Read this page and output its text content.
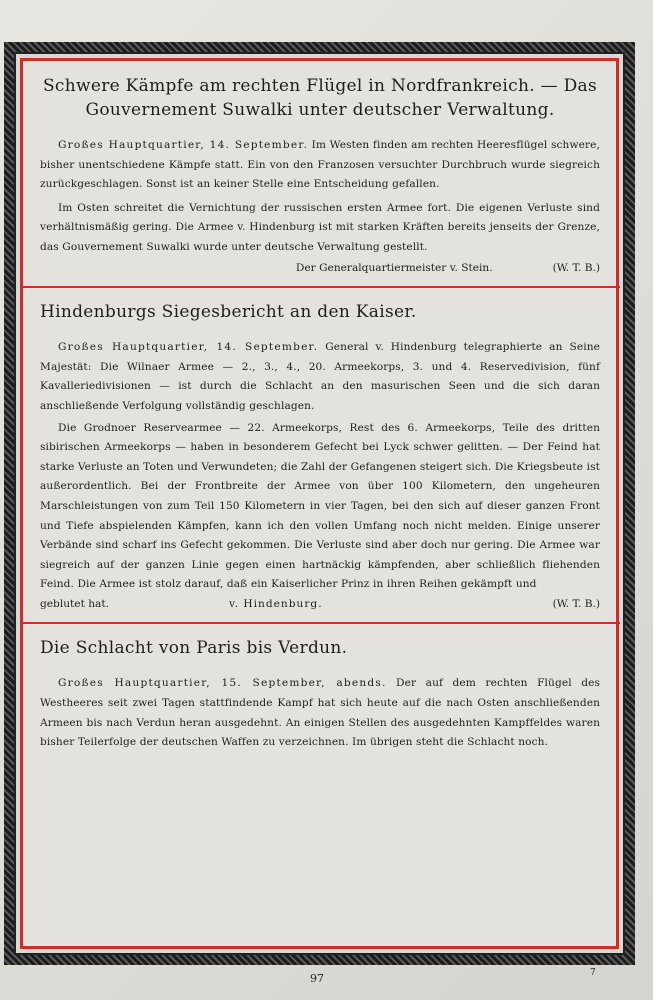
Schwere Kämpfe am rechten Flügel in Nordfrankreich. — Das Gouvernement Suwalki unter deutscher Verwaltung.

Großes Hauptquartier, 14. September. Im Westen finden am rechten Heeresflügel schwere, bisher unentschiedene Kämpfe statt. Ein von den Franzosen versuchter Durchbruch wurde siegreich zurückgeschlagen. Sonst ist an keiner Stelle eine Entscheidung gefallen.

Im Osten schreitet die Vernichtung der russischen ersten Armee fort. Die eigenen Verluste sind verhältnismäßig gering. Die Armee v. Hindenburg ist mit starken Kräften bereits jenseits der Grenze, das Gouvernement Suwalki wurde unter deutsche Verwaltung gestellt.

Der Generalquartiermeister v. Stein.	(W. T. B.)
Hindenburgs Siegesbericht an den Kaiser.

Großes Hauptquartier, 14. September. General v. Hindenburg telegraphierte an Seine Majestät: Die Wilnaer Armee — 2., 3., 4., 20. Armeekorps, 3. und 4. Reservedivision, fünf Kavalleriedivisionen — ist durch die Schlacht an den masurischen Seen und die sich daran anschließende Verfolgung vollständig geschlagen.

Die Grodnoer Reservearmee — 22. Armeekorps, Rest des 6. Armeekorps, Teile des dritten sibirischen Armeekorps — haben in besonderem Gefecht bei Lyck schwer gelitten. — Der Feind hat starke Verluste an Toten und Verwundeten; die Zahl der Gefangenen steigert sich. Die Kriegsbeute ist außerordentlich. Bei der Frontbreite der Armee von über 100 Kilometern, den ungeheuren Marschleistungen von zum Teil 150 Kilometern in vier Tagen, bei den sich auf dieser ganzen Front und Tiefe abspielenden Kämpfen, kann ich den vollen Umfang noch nicht melden. Einige unserer Verbände sind scharf ins Gefecht gekommen. Die Verluste sind aber doch nur gering. Die Armee war siegreich auf der ganzen Linie gegen einen hartnäckig kämpfenden, aber schließlich fliehenden Feind. Die Armee ist stolz darauf, daß ein Kaiserlicher Prinz in ihren Reihen gekämpft und

geblutet hat.	v. Hindenburg.	(W. T. B.)
Die Schlacht von Paris bis Verdun.

Großes Hauptquartier, 15. September, abends. Der auf dem rechten Flügel des Westheeres seit zwei Tagen stattfindende Kampf hat sich heute auf die nach Osten anschließenden Armeen bis nach Verdun heran ausgedehnt. An einigen Stellen des ausgedehnten Kampffeldes waren bisher Teilerfolge der deutschen Waffen zu verzeichnen. Im übrigen steht die Schlacht noch.

97	7
